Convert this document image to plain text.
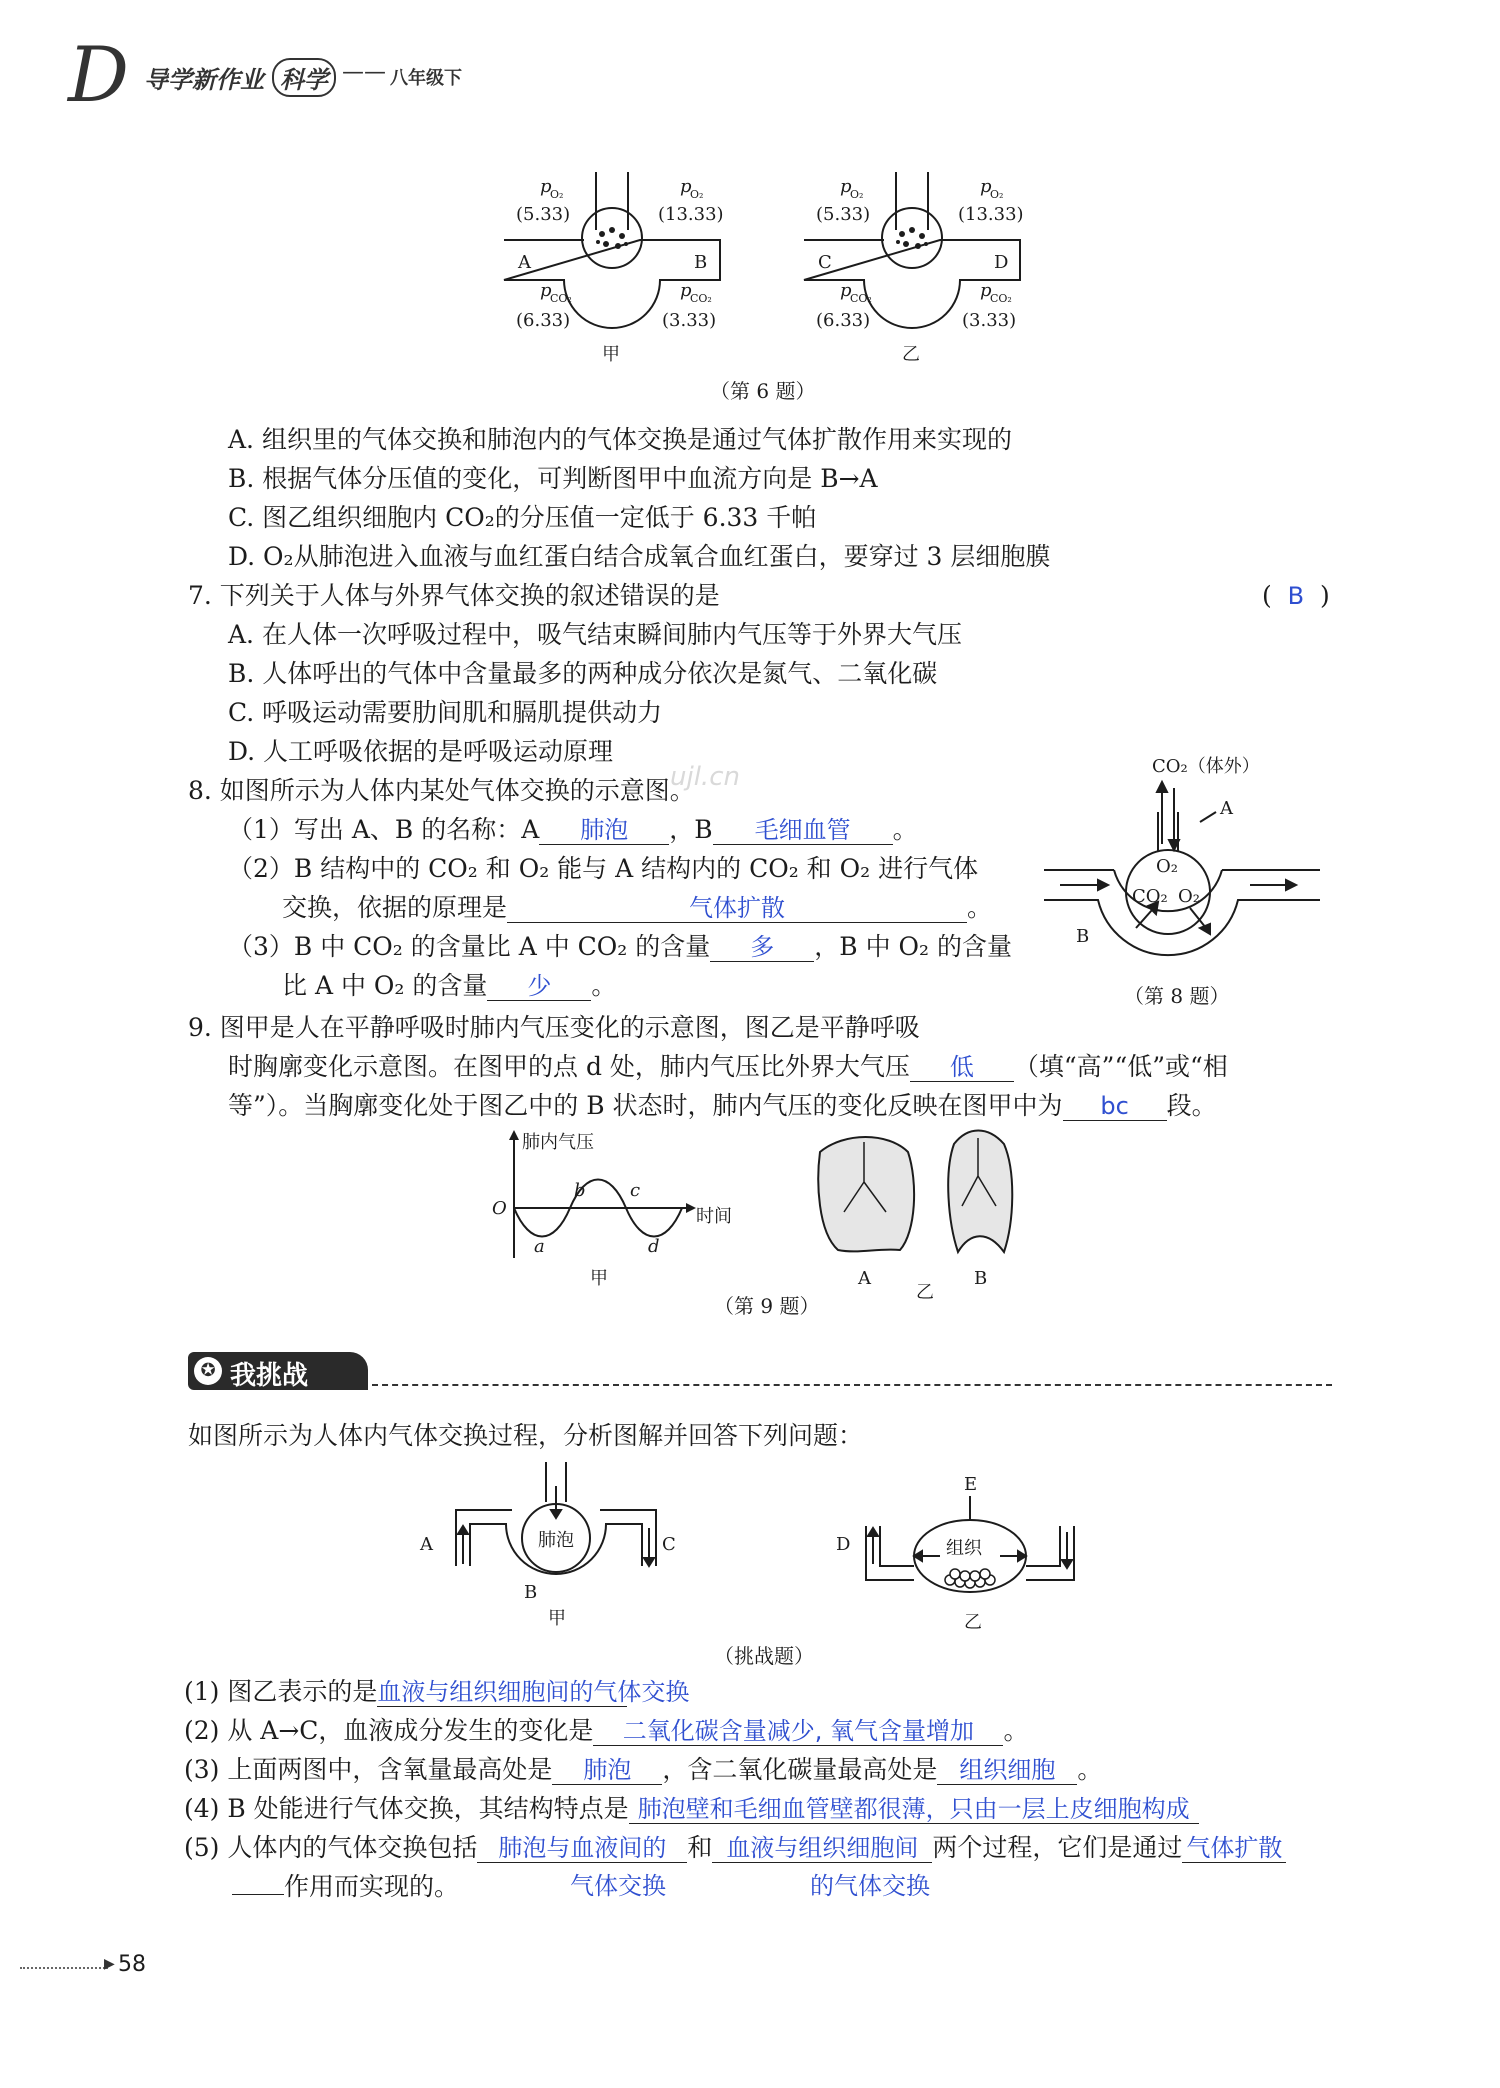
D 导学新作业 科学 —— 八年级下
p
O₂
(5.33)
p
O₂
(13.33)
A	B
p
CO₂
(6.33)
p
CO₂
(3.33)
甲
p
O₂
(5.33)
p
O₂
(13.33)
C	D
p
CO₂
(6.33)
p
CO₂
(3.33)
乙
（第 6 题）
A. 组织里的气体交换和肺泡内的气体交换是通过气体扩散作用来实现的
B. 根据气体分压值的变化，可判断图甲中血流方向是 B→A
C. 图乙组织细胞内 CO₂的分压值一定低于 6.33 千帕
D. O₂从肺泡进入血液与血红蛋白结合成氧合血红蛋白，要穿过 3 层细胞膜
7. 下列关于人体与外界气体交换的叙述错误的是	(  B  )
A. 在人体一次呼吸过程中，吸气结束瞬间肺内气压等于外界大气压
B. 人体呼出的气体中含量最多的两种成分依次是氮气、二氧化碳
C. 呼吸运动需要肋间肌和膈肌提供动力
D. 人工呼吸依据的是呼吸运动原理
8. 如图所示为人体内某处气体交换的示意图。
ujl.cn
（1）写出 A、B 的名称：A 肺泡 ，B 毛细血管 。
（2）B 结构中的 CO₂ 和 O₂ 能与 A 结构内的 CO₂ 和 O₂ 进行气体
交换，依据的原理是	气体扩散	。
（3）B 中 CO₂ 的含量比 A 中 CO₂ 的含量 多 ，B 中 O₂ 的含量
比 A 中 O₂ 的含量 少 。
CO₂（体外）
A
O₂
CO₂ O₂
B
（第 8 题）
9. 图甲是人在平静呼吸时肺内气压变化的示意图，图乙是平静呼吸
时胸廓变化示意图。在图甲的点 d 处，肺内气压比外界大气压 低 （填“高”“低”或“相
等”）。当胸廓变化处于图乙中的 B 状态时，肺内气压的变化反映在图甲中为 bc 段。
肺内气压
时间
O
a
b c
d
甲	A	B
乙
（第 9 题）
✪ 我挑战
如图所示为人体内气体交换过程，分析图解并回答下列问题：
肺泡
A	C
B
甲
组织
D
E
乙
（挑战题）
(1) 图乙表示的是血液与组织细胞间的气体交换
(2) 从 A→C，血液成分发生的变化是 二氧化碳含量减少, 氧气含量增加 。
(3) 上面两图中，含氧量最高处是 肺泡 ，含二氧化碳量最高处是 组织细胞 。
(4) B 处能进行气体交换，其结构特点是 肺泡壁和毛细血管壁都很薄，只由一层上皮细胞构成
(5) 人体内的气体交换包括 肺泡与血液间的 和 血液与组织细胞间 两个过程，它们是通过 气体扩散
气体交换	的气体交换
作用而实现的。
▶ 58
